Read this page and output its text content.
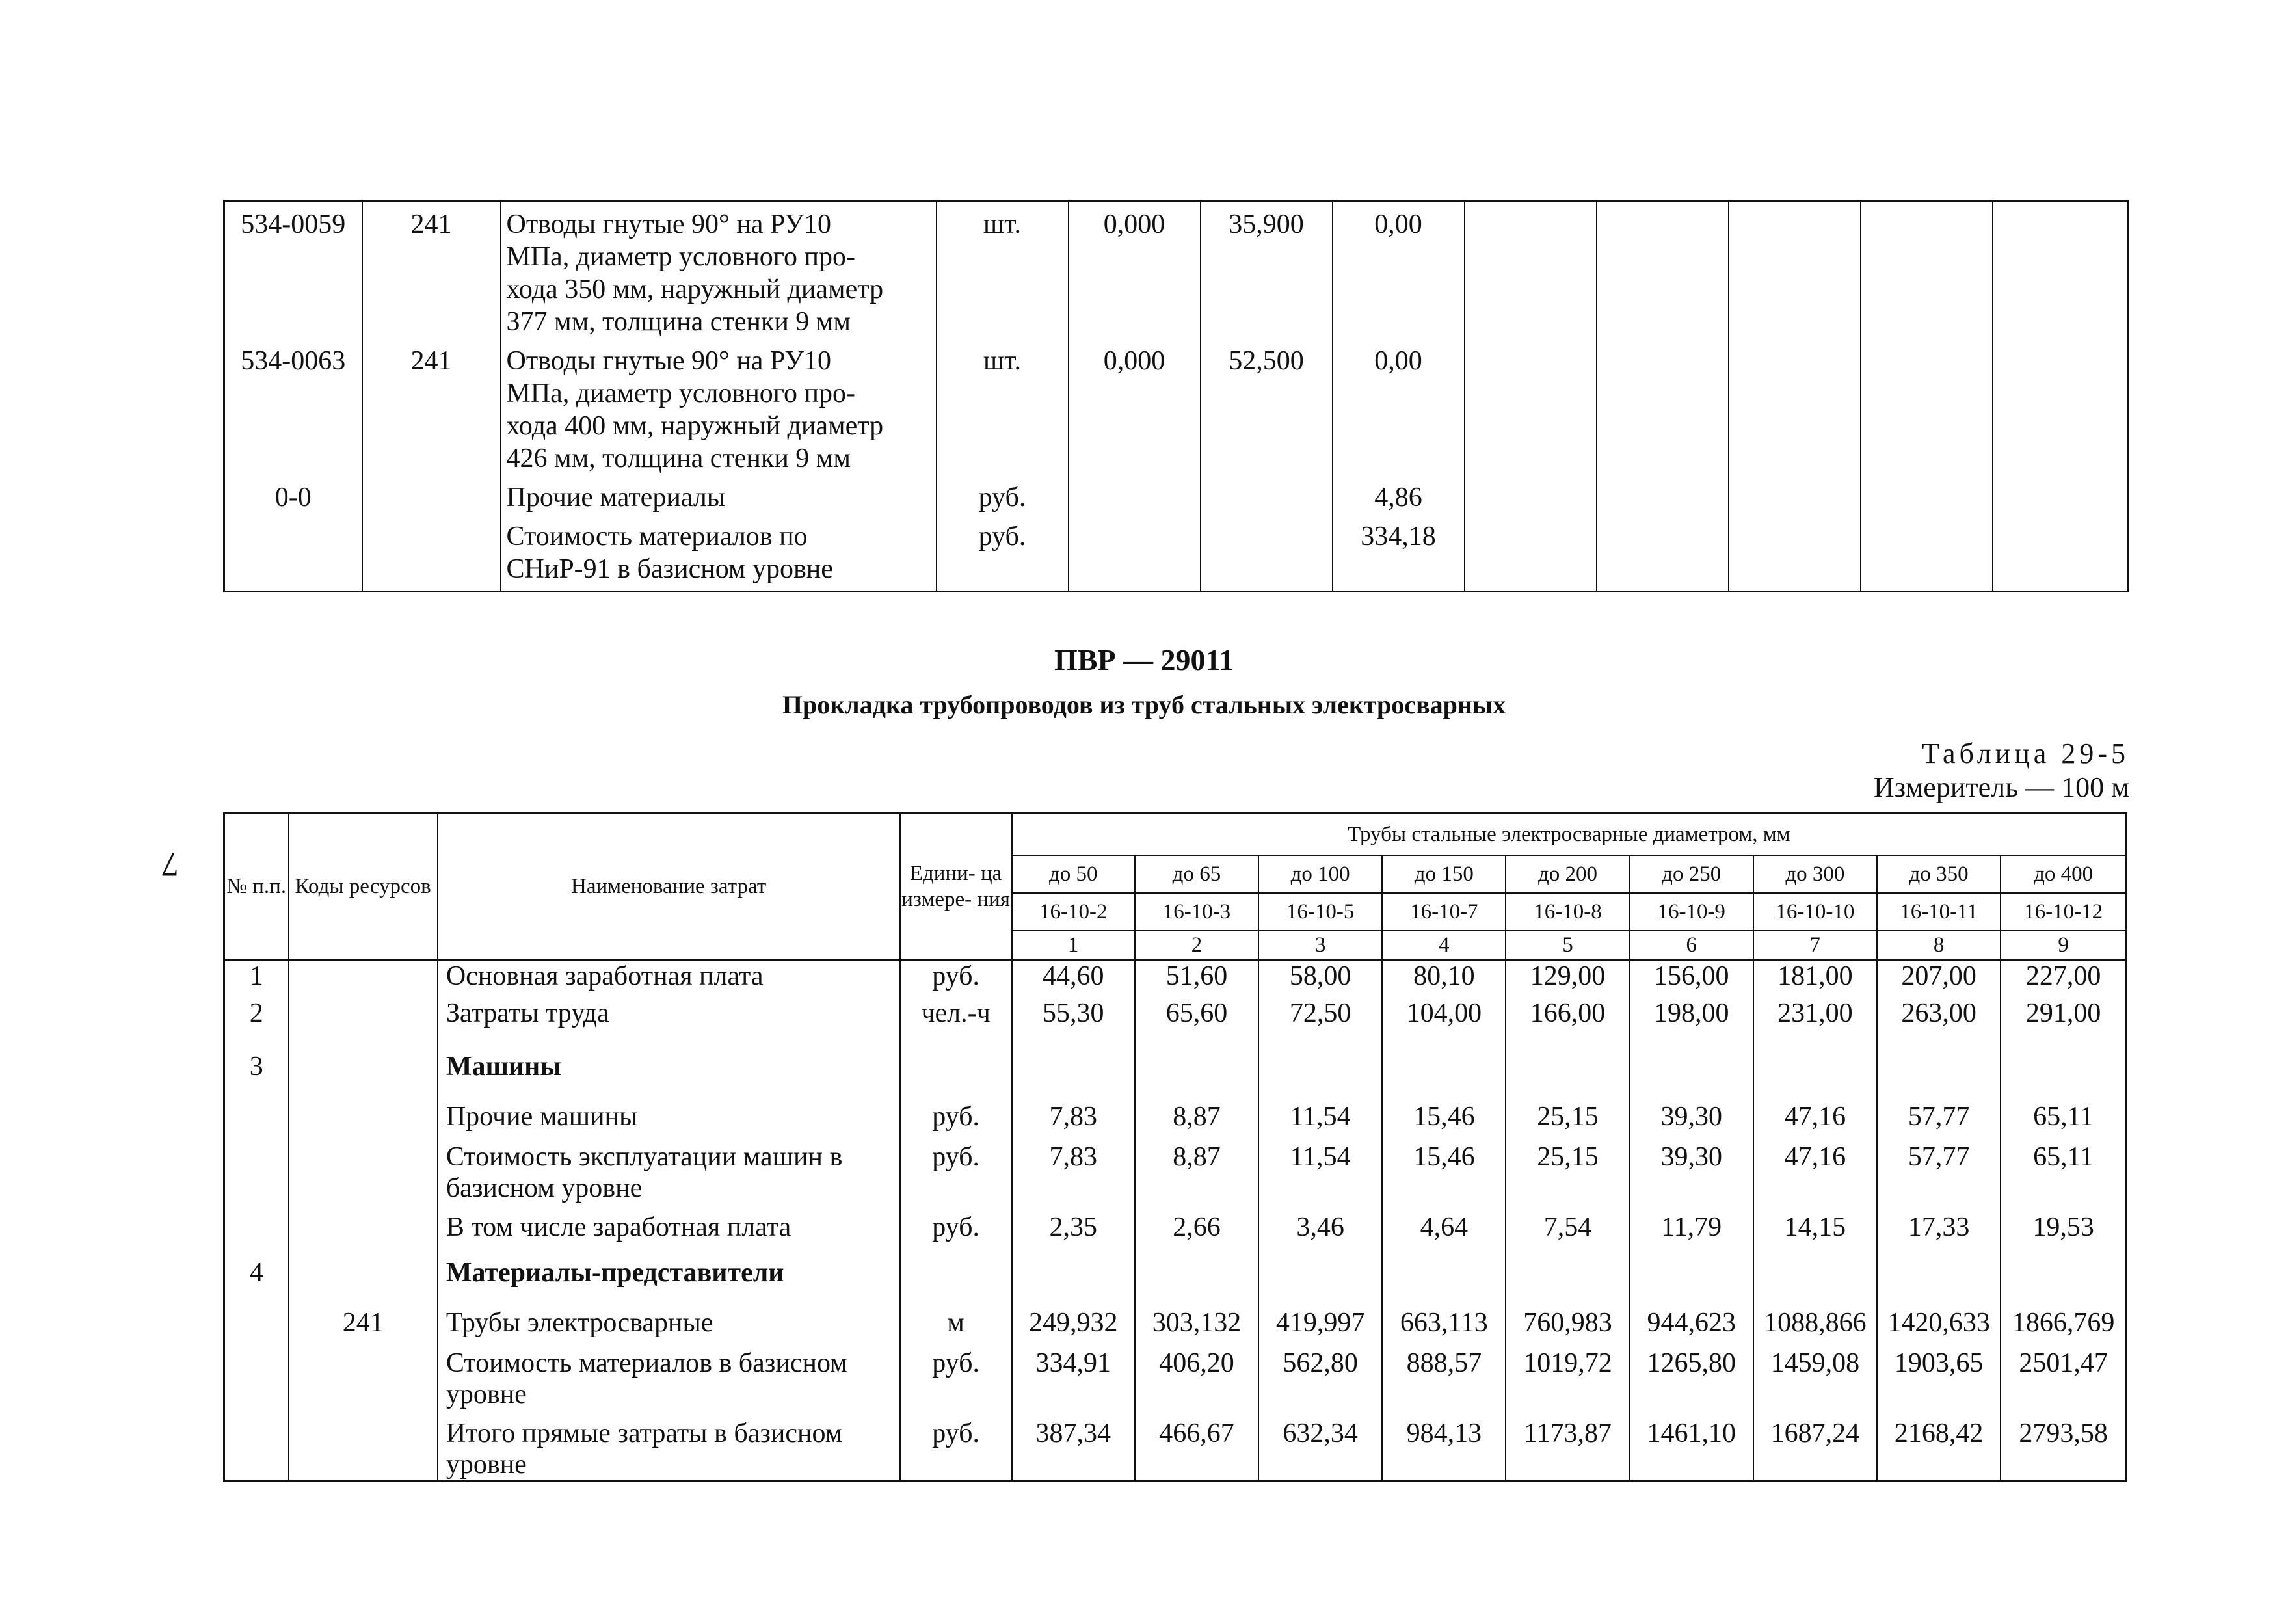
534-0059	241	Отводы гнутые 90° на РУ10
МПа, диаметр условного про-
хода 350 мм, наружный диаметр
377 мм, толщина стенки 9 мм	шт.	0,000	35,900	0,00					
534-0063	241	Отводы гнутые 90° на РУ10
МПа, диаметр условного про-
хода 400 мм, наружный диаметр
426 мм, толщина стенки 9 мм	шт.	0,000	52,500	0,00					
0-0		Прочие материалы	руб.			4,86					

		Стоимость материалов по
СНиР-91 в базисном уровне	руб.			334,18					
ПВР — 29011
Прокладка трубопроводов из труб стальных электросварных
Таблица 29-5
Измеритель — 100 м
7
№ п.п.	Коды ресурсов	Наименование затрат	Едини- ца измере- ния	Трубы стальные электросварные диаметром, мм								
				до 50	до 65	до 100	до 150	до 200	до 250	до 300	до 350	до 400
				16-10-2	16-10-3	16-10-5	16-10-7	16-10-8	16-10-9	16-10-10	16-10-11	16-10-12
				1	2	3	4	5	6	7	8	9
1		Основная заработная плата	руб.	44,60	51,60	58,00	80,10	129,00	156,00	181,00	207,00	227,00
2		Затраты труда	чел.-ч	55,30	65,60	72,50	104,00	166,00	198,00	231,00	263,00	291,00
3		Машины										
		Прочие машины	руб.	7,83	8,87	11,54	15,46	25,15	39,30	47,16	57,77	65,11
		Стоимость эксплуатации машин в базисном уровне	руб.	7,83	8,87	11,54	15,46	25,15	39,30	47,16	57,77	65,11
		В том числе заработная плата	руб.	2,35	2,66	3,46	4,64	7,54	11,79	14,15	17,33	19,53
4		Материалы-представители										
	241	Трубы электросварные	м	249,932	303,132	419,997	663,113	760,983	944,623	1088,866	1420,633	1866,769
		Стоимость материалов в базисном уровне	руб.	334,91	406,20	562,80	888,57	1019,72	1265,80	1459,08	1903,65	2501,47
		Итого прямые затраты в базисном уровне	руб.	387,34	466,67	632,34	984,13	1173,87	1461,10	1687,24	2168,42	2793,58
